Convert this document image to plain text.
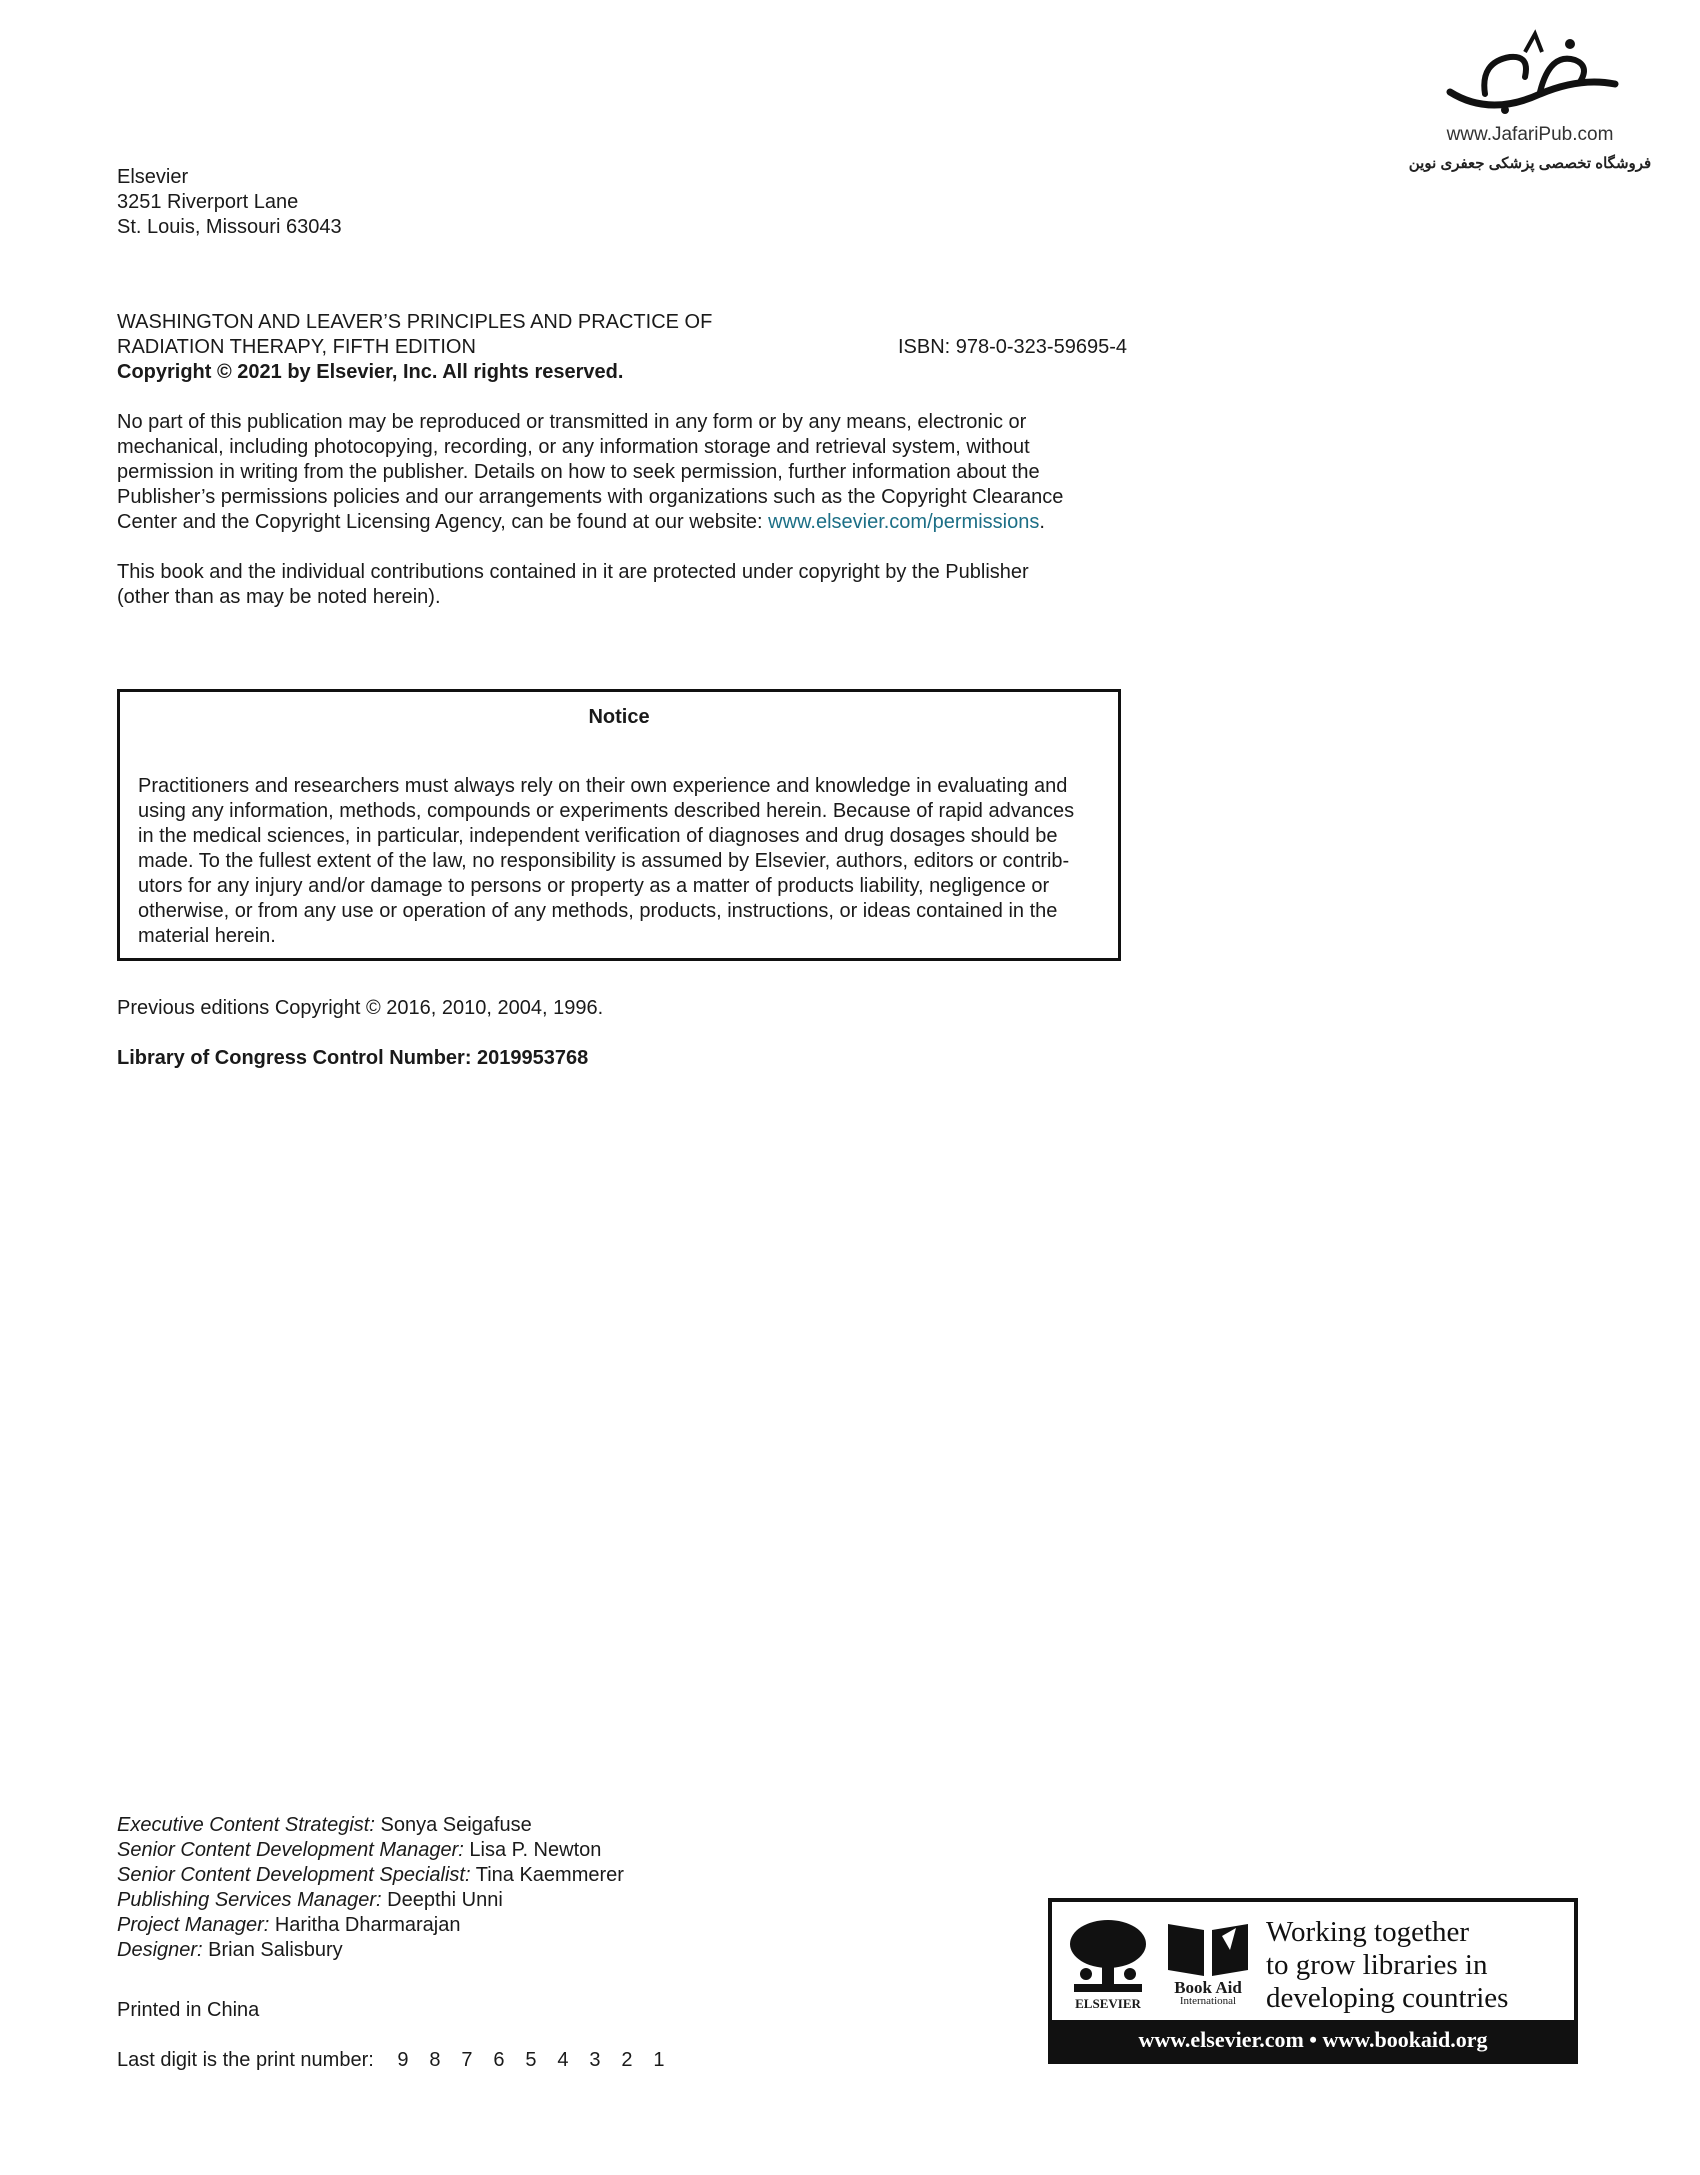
www.JafariPub.com
فروشگاه تخصصی پزشکی جعفری نوین
Elsevier
3251 Riverport Lane
St. Louis, Missouri 63043
WASHINGTON AND LEAVER’S PRINCIPLES AND PRACTICE OF
RADIATION THERAPY, FIFTH EDITION	ISBN: 978-0-323-59695-4
Copyright © 2021 by Elsevier, Inc. All rights reserved.
No part of this publication may be reproduced or transmitted in any form or by any means, electronic or
mechanical, including photocopying, recording, or any information storage and retrieval system, without
permission in writing from the publisher. Details on how to seek permission, further information about the
Publisher’s permissions policies and our arrangements with organizations such as the Copyright Clearance
Center and the Copyright Licensing Agency, can be found at our website: www.elsevier.com/permissions.
This book and the individual contributions contained in it are protected under copyright by the Publisher
(other than as may be noted herein).
Notice
Practitioners and researchers must always rely on their own experience and knowledge in evaluating and
using any information, methods, compounds or experiments described herein. Because of rapid advances
in the medical sciences, in particular, independent verification of diagnoses and drug dosages should be
made. To the fullest extent of the law, no responsibility is assumed by Elsevier, authors, editors or contrib-
utors for any injury and/or damage to persons or property as a matter of products liability, negligence or
otherwise, or from any use or operation of any methods, products, instructions, or ideas contained in the
material herein.
Previous editions Copyright © 2016, 2010, 2004, 1996.
Library of Congress Control Number: 2019953768
Executive Content Strategist: Sonya Seigafuse
Senior Content Development Manager: Lisa P. Newton
Senior Content Development Specialist: Tina Kaemmerer
Publishing Services Manager: Deepthi Unni
Project Manager: Haritha Dharmarajan
Designer: Brian Salisbury
Printed in China
Last digit is the print number: 9 8 7 6 5 4 3 2 1
ELSEVIER
Book Aid
International
Working together
to grow libraries in
developing countries
www.elsevier.com • www.bookaid.org
